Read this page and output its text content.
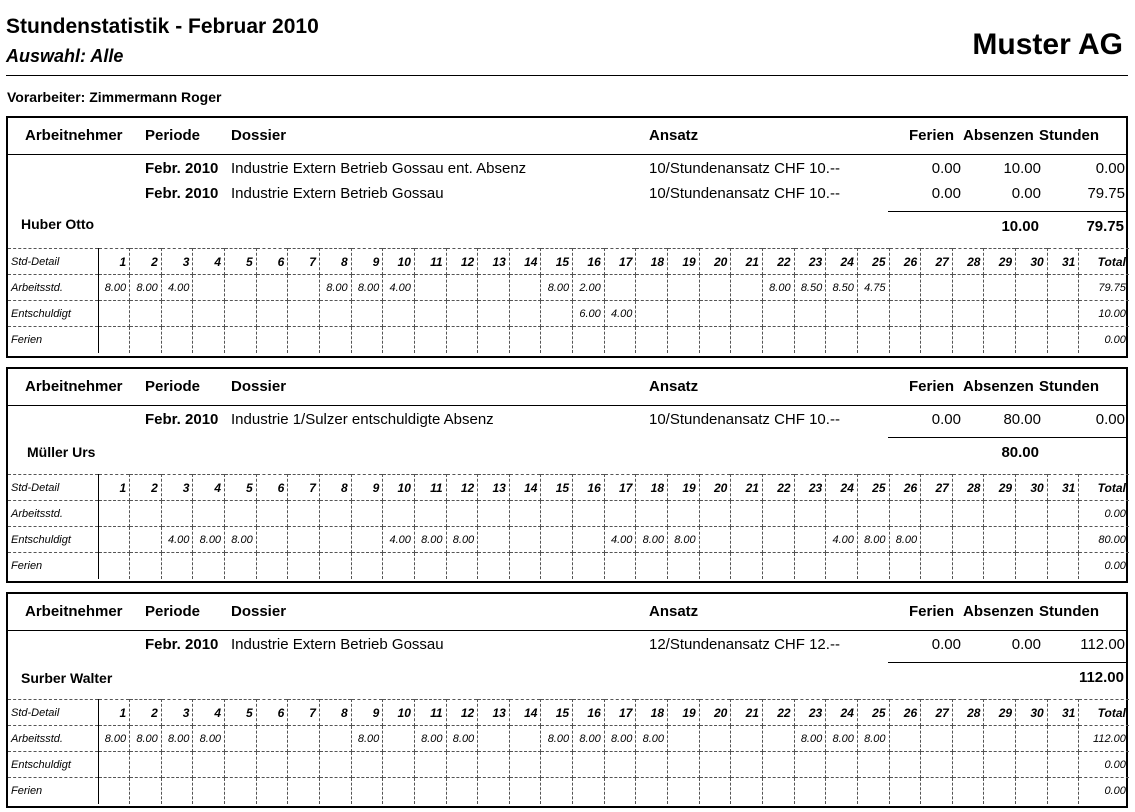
Stundenstatistik - Februar 2010
Auswahl: Alle	Muster AG
Vorarbeiter: Zimmermann Roger
Arbeitnehmer Periode Dossier	Ansatz	Ferien Absenzen Stunden
Febr. 2010 Industrie Extern Betrieb Gossau ent. Absenz	10/Stundenansatz CHF 10.--	0.00	10.00	0.00
Febr. 2010 Industrie Extern Betrieb Gossau	10/Stundenansatz CHF 10.--	0.00	0.00	79.75
Huber Otto	10.00	79.75
Std-Detail	1	2	3	4	5	6	7	8	9	10	11	12	13	14	15	16	17	18	19	20	21	22	23	24	25	26	27	28	29	30	31	Total
Arbeitsstd.	8.00	8.00	4.00					8.00	8.00	4.00					8.00	2.00						8.00	8.50	8.50	4.75							79.75
Entschuldigt																6.00	4.00															10.00
Ferien																																0.00
Arbeitnehmer Periode Dossier	Ansatz	Ferien Absenzen Stunden
Febr. 2010 Industrie 1/Sulzer entschuldigte Absenz	10/Stundenansatz CHF 10.--	0.00	80.00	0.00
Müller Urs	80.00
Std-Detail	1	2	3	4	5	6	7	8	9	10	11	12	13	14	15	16	17	18	19	20	21	22	23	24	25	26	27	28	29	30	31	Total
Arbeitsstd.																																0.00
Entschuldigt			4.00	8.00	8.00					4.00	8.00	8.00					4.00	8.00	8.00					4.00	8.00	8.00						80.00
Ferien																																0.00
Arbeitnehmer Periode Dossier	Ansatz	Ferien Absenzen Stunden
Febr. 2010 Industrie Extern Betrieb Gossau	12/Stundenansatz CHF 12.--	0.00	0.00	112.00
Surber Walter	112.00
Std-Detail	1	2	3	4	5	6	7	8	9	10	11	12	13	14	15	16	17	18	19	20	21	22	23	24	25	26	27	28	29	30	31	Total
Arbeitsstd.	8.00	8.00	8.00	8.00					8.00		8.00	8.00			8.00	8.00	8.00	8.00					8.00	8.00	8.00							112.00
Entschuldigt																																0.00
Ferien																																0.00
